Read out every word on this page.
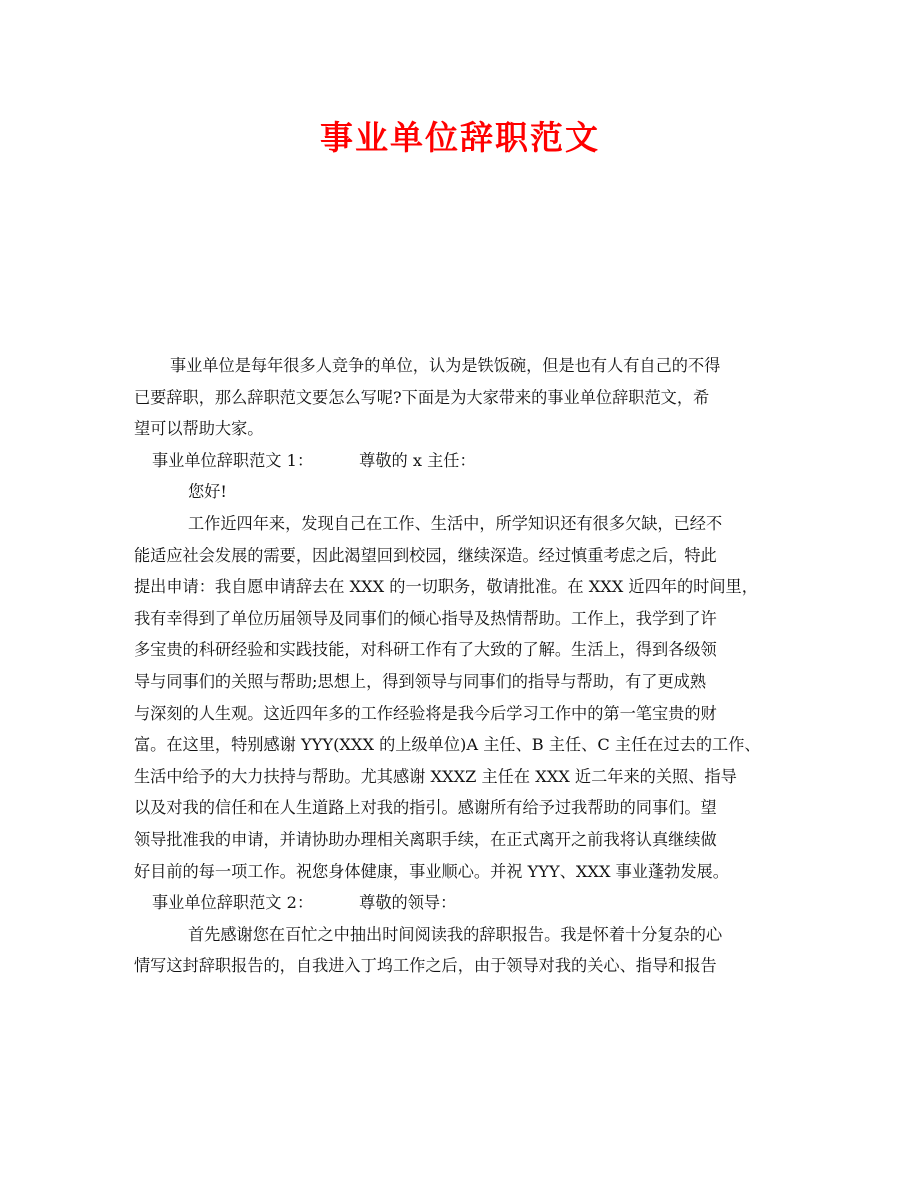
事业单位辞职范文
事业单位是每年很多人竞争的单位，认为是铁饭碗，但是也有人有自己的不得
已要辞职，那么辞职范文要怎么写呢?下面是为大家带来的事业单位辞职范文，希
望可以帮助大家。
事业单位辞职范文 1：	尊敬的 x 主任：
您好!
工作近四年来，发现自己在工作、生活中，所学知识还有很多欠缺，已经不
能适应社会发展的需要，因此渴望回到校园，继续深造。经过慎重考虑之后，特此
提出申请：我自愿申请辞去在 XXX 的一切职务，敬请批准。在 XXX 近四年的时间里，
我有幸得到了单位历届领导及同事们的倾心指导及热情帮助。工作上，我学到了许
多宝贵的科研经验和实践技能，对科研工作有了大致的了解。生活上，得到各级领
导与同事们的关照与帮助;思想上，得到领导与同事们的指导与帮助，有了更成熟
与深刻的人生观。这近四年多的工作经验将是我今后学习工作中的第一笔宝贵的财
富。在这里，特别感谢 YYY(XXX 的上级单位)A 主任、B 主任、C 主任在过去的工作、
生活中给予的大力扶持与帮助。尤其感谢 XXXZ 主任在 XXX 近二年来的关照、指导
以及对我的信任和在人生道路上对我的指引。感谢所有给予过我帮助的同事们。望
领导批准我的申请，并请协助办理相关离职手续，在正式离开之前我将认真继续做
好目前的每一项工作。祝您身体健康，事业顺心。并祝 YYY、XXX 事业蓬勃发展。
事业单位辞职范文 2：	尊敬的领导：
首先感谢您在百忙之中抽出时间阅读我的辞职报告。我是怀着十分复杂的心
情写这封辞职报告的，自我进入丁坞工作之后，由于领导对我的关心、指导和报告
